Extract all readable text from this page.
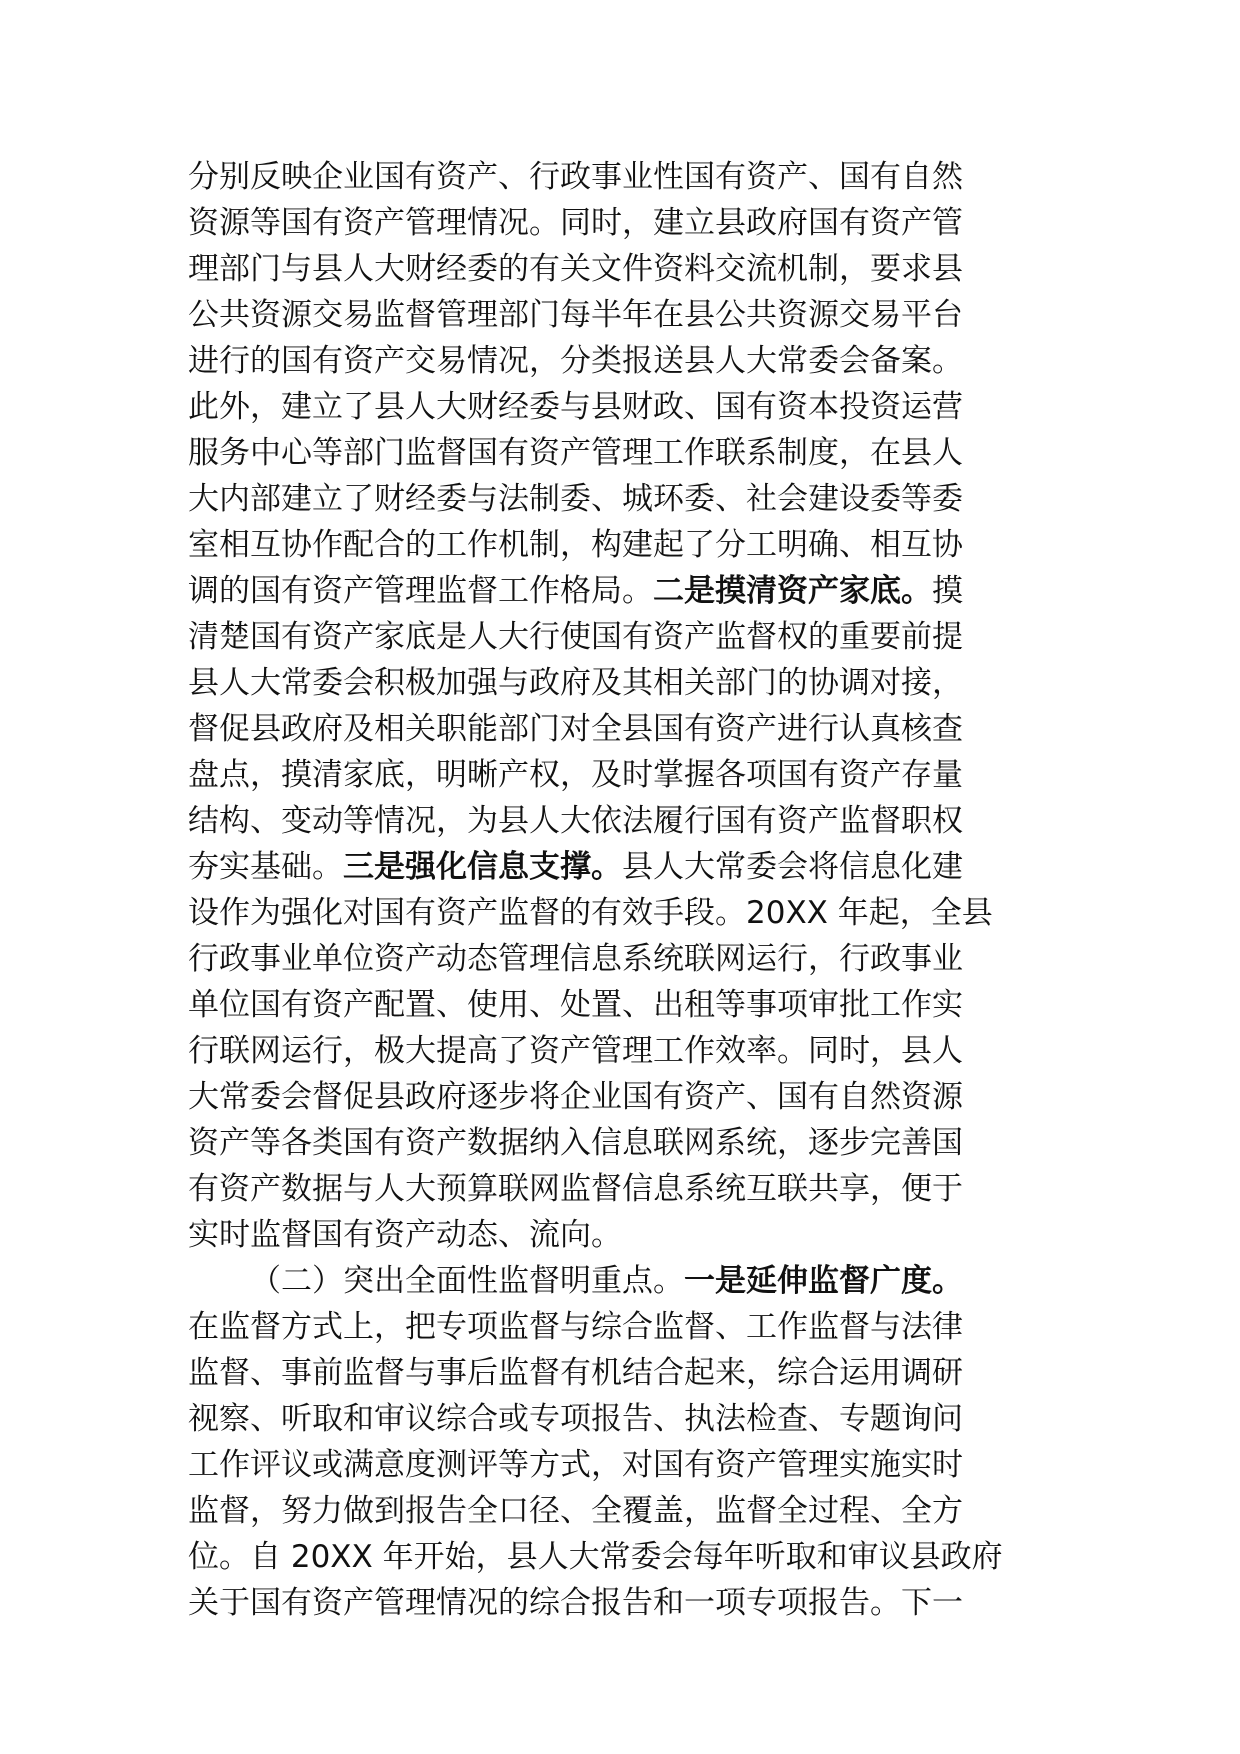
分别反映企业国有资产、行政事业性国有资产、国有自然
资源等国有资产管理情况。同时，建立县政府国有资产管
理部门与县人大财经委的有关文件资料交流机制，要求县
公共资源交易监督管理部门每半年在县公共资源交易平台
进行的国有资产交易情况，分类报送县人大常委会备案。
此外，建立了县人大财经委与县财政、国有资本投资运营
服务中心等部门监督国有资产管理工作联系制度，在县人
大内部建立了财经委与法制委、城环委、社会建设委等委
室相互协作配合的工作机制，构建起了分工明确、相互协
调的国有资产管理监督工作格局。二是摸清资产家底。摸
清楚国有资产家底是人大行使国有资产监督权的重要前提
县人大常委会积极加强与政府及其相关部门的协调对接，
督促县政府及相关职能部门对全县国有资产进行认真核查
盘点，摸清家底，明晰产权，及时掌握各项国有资产存量
结构、变动等情况，为县人大依法履行国有资产监督职权
夯实基础。三是强化信息支撑。县人大常委会将信息化建
设作为强化对国有资产监督的有效手段。20XX 年起，全县
行政事业单位资产动态管理信息系统联网运行，行政事业
单位国有资产配置、使用、处置、出租等事项审批工作实
行联网运行，极大提高了资产管理工作效率。同时，县人
大常委会督促县政府逐步将企业国有资产、国有自然资源
资产等各类国有资产数据纳入信息联网系统，逐步完善国
有资产数据与人大预算联网监督信息系统互联共享，便于
实时监督国有资产动态、流向。
（二）突出全面性监督明重点。一是延伸监督广度。
在监督方式上，把专项监督与综合监督、工作监督与法律
监督、事前监督与事后监督有机结合起来，综合运用调研
视察、听取和审议综合或专项报告、执法检查、专题询问
工作评议或满意度测评等方式，对国有资产管理实施实时
监督，努力做到报告全口径、全覆盖，监督全过程、全方
位。自 20XX 年开始，县人大常委会每年听取和审议县政府
关于国有资产管理情况的综合报告和一项专项报告。下一
